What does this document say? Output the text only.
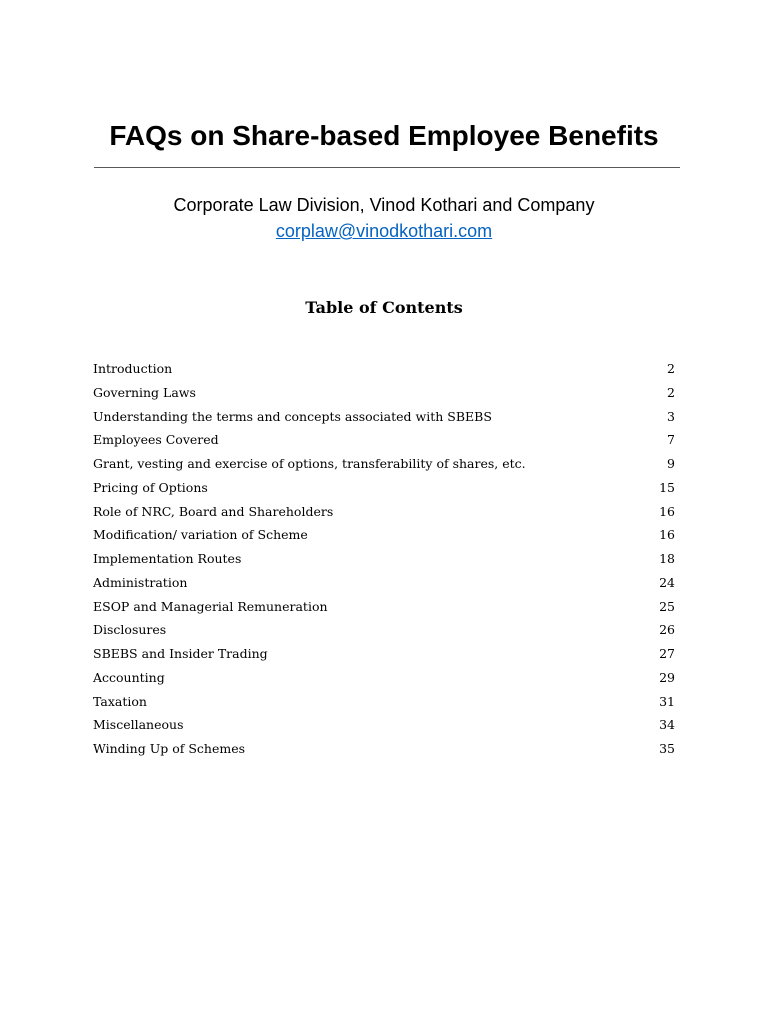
FAQs on Share-based Employee Benefits
Corporate Law Division, Vinod Kothari and Company
corplaw@vinodkothari.com
Table of Contents
Introduction	2
Governing Laws	2
Understanding the terms and concepts associated with SBEBS	3
Employees Covered	7
Grant, vesting and exercise of options, transferability of shares, etc.	9
Pricing of Options	15
Role of NRC, Board and Shareholders	16
Modification/ variation of Scheme	16
Implementation Routes	18
Administration	24
ESOP and Managerial Remuneration	25
Disclosures	26
SBEBS and Insider Trading	27
Accounting	29
Taxation	31
Miscellaneous	34
Winding Up of Schemes	35
